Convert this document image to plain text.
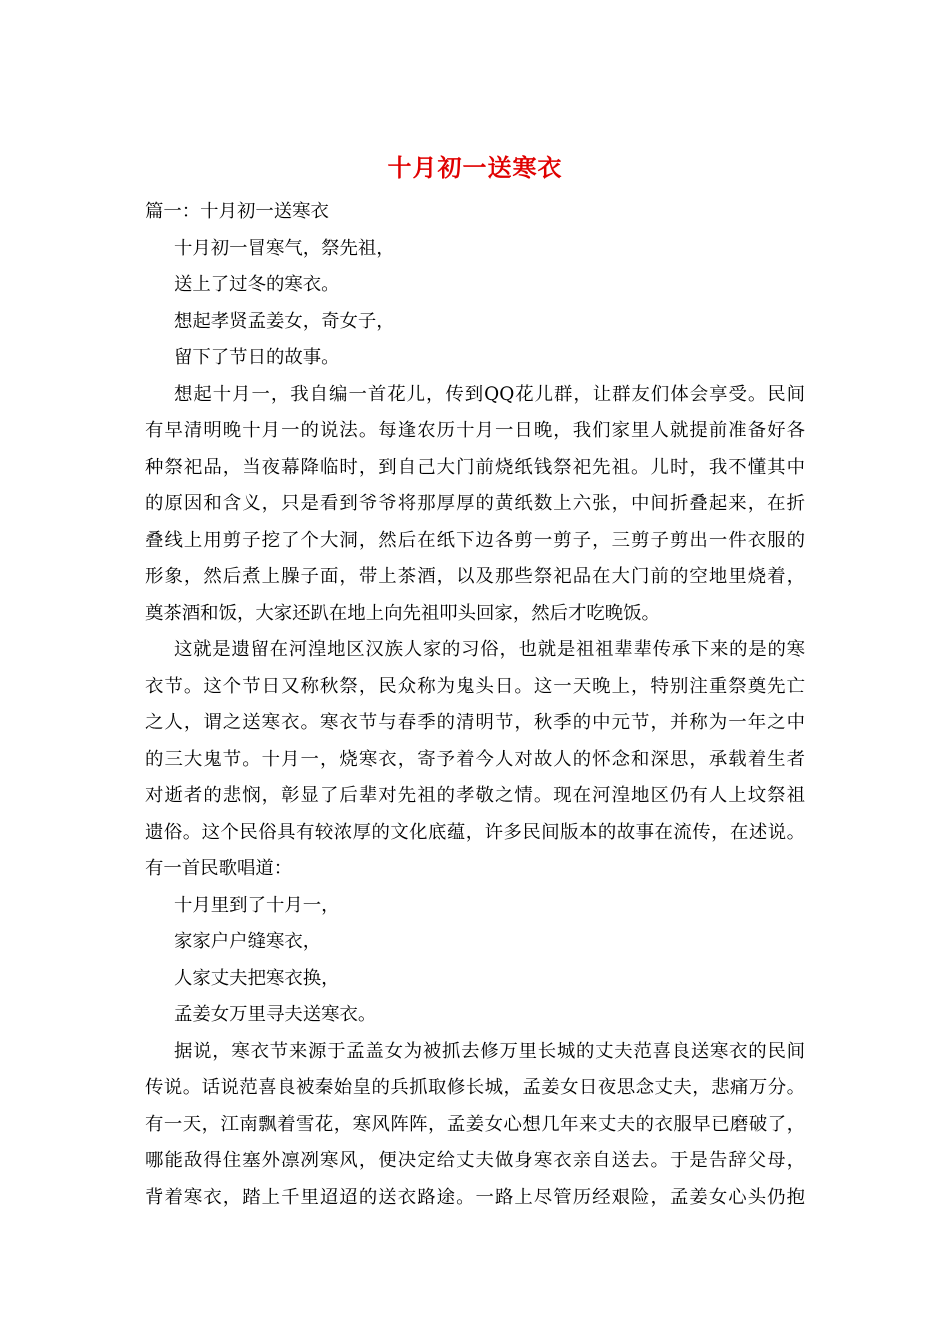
十月初一送寒衣
篇一：十月初一送寒衣
十月初一冒寒气，祭先祖，
送上了过冬的寒衣。
想起孝贤孟姜女，奇女子，
留下了节日的故事。
想起十月一，我自编一首花儿，传到QQ花儿群，让群友们体会享受。民间
有早清明晚十月一的说法。每逢农历十月一日晚，我们家里人就提前准备好各
种祭祀品，当夜幕降临时，到自己大门前烧纸钱祭祀先祖。儿时，我不懂其中
的原因和含义，只是看到爷爷将那厚厚的黄纸数上六张，中间折叠起来，在折
叠线上用剪子挖了个大洞，然后在纸下边各剪一剪子，三剪子剪出一件衣服的
形象，然后煮上臊子面，带上茶酒，以及那些祭祀品在大门前的空地里烧着，
奠茶酒和饭，大家还趴在地上向先祖叩头回家，然后才吃晚饭。
这就是遗留在河湟地区汉族人家的习俗，也就是祖祖辈辈传承下来的是的寒
衣节。这个节日又称秋祭，民众称为鬼头日。这一天晚上，特别注重祭奠先亡
之人，谓之送寒衣。寒衣节与春季的清明节，秋季的中元节，并称为一年之中
的三大鬼节。十月一，烧寒衣，寄予着今人对故人的怀念和深思，承载着生者
对逝者的悲悯，彰显了后辈对先祖的孝敬之情。现在河湟地区仍有人上坟祭祖
遗俗。这个民俗具有较浓厚的文化底蕴，许多民间版本的故事在流传，在述说。
有一首民歌唱道：
十月里到了十月一，
家家户户缝寒衣，
人家丈夫把寒衣换，
孟姜女万里寻夫送寒衣。
据说，寒衣节来源于孟盖女为被抓去修万里长城的丈夫范喜良送寒衣的民间
传说。话说范喜良被秦始皇的兵抓取修长城，孟姜女日夜思念丈夫，悲痛万分。
有一天，江南飘着雪花，寒风阵阵，孟姜女心想几年来丈夫的衣服早已磨破了，
哪能敌得住塞外凛冽寒风，便决定给丈夫做身寒衣亲自送去。于是告辞父母，
背着寒衣，踏上千里迢迢的送衣路途。一路上尽管历经艰险，孟姜女心头仍抱
